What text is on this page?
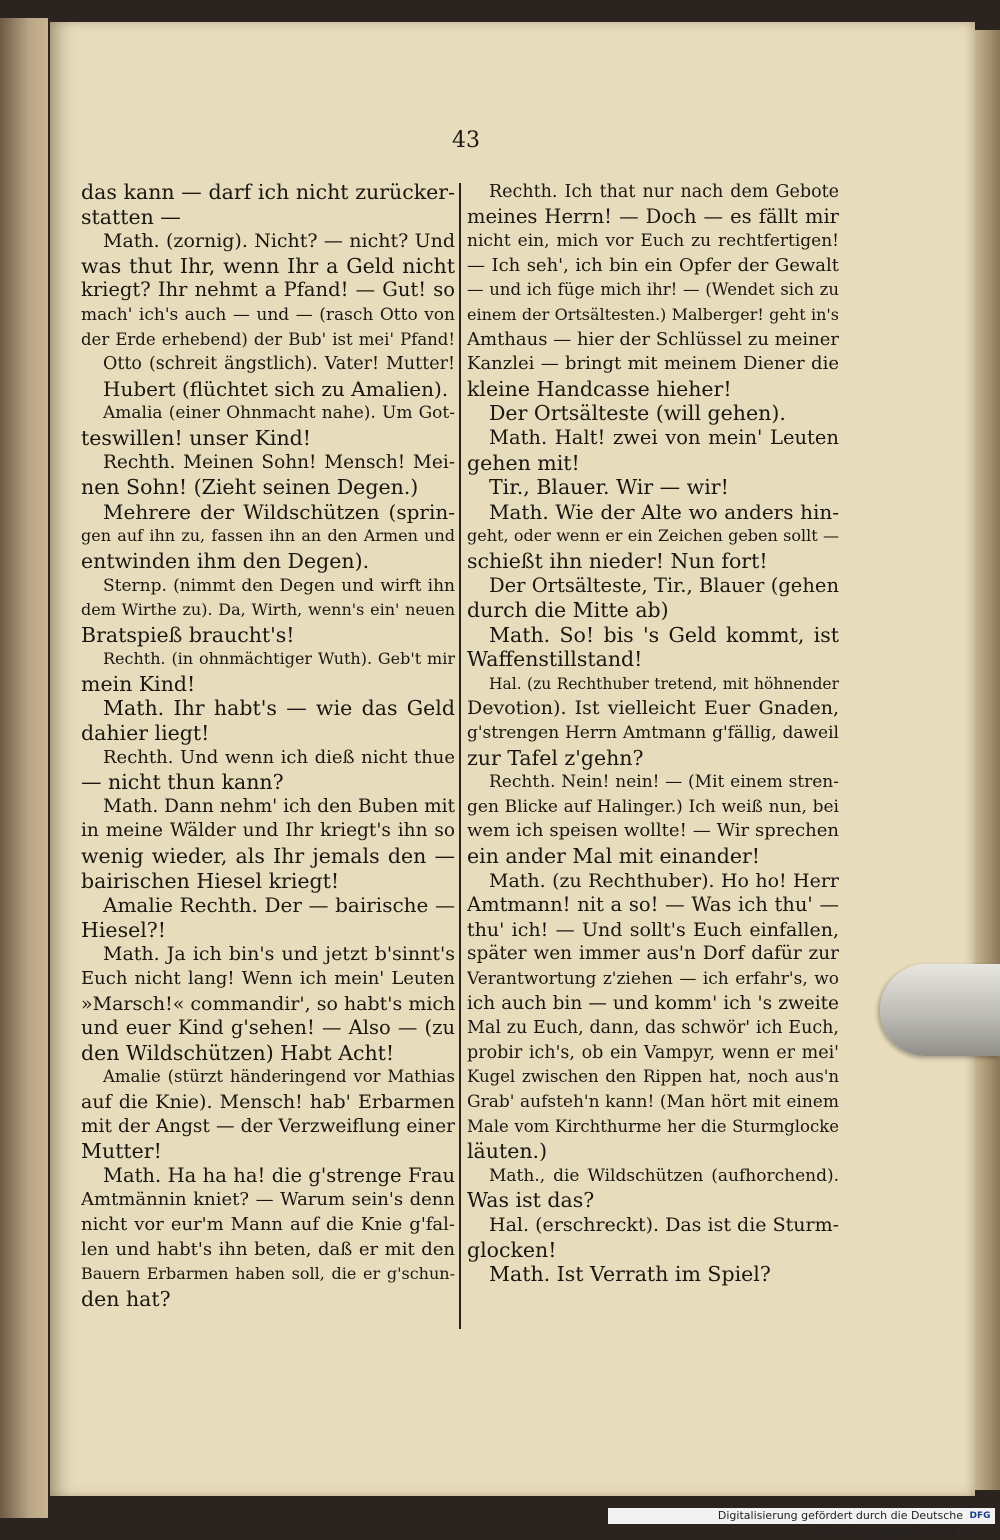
43
das kann — darf ich nicht zurücker-
statten —
Math. (zornig). Nicht? — nicht? Und
was thut Ihr, wenn Ihr a Geld nicht
kriegt? Ihr nehmt a Pfand! — Gut! so
mach' ich's auch — und — (rasch Otto von
der Erde erhebend) der Bub' ist mei' Pfand!
Otto (schreit ängstlich). Vater! Mutter!
Hubert (flüchtet sich zu Amalien).
Amalia (einer Ohnmacht nahe). Um Got-
teswillen! unser Kind!
Rechth. Meinen Sohn! Mensch! Mei-
nen Sohn! (Zieht seinen Degen.)
Mehrere der Wildschützen (sprin-
gen auf ihn zu, fassen ihn an den Armen und
entwinden ihm den Degen).
Sternp. (nimmt den Degen und wirft ihn
dem Wirthe zu). Da, Wirth, wenn's ein' neuen
Bratspieß braucht's!
Rechth. (in ohnmächtiger Wuth). Geb't mir
mein Kind!
Math. Ihr habt's — wie das Geld
dahier liegt!
Rechth. Und wenn ich dieß nicht thue
— nicht thun kann?
Math. Dann nehm' ich den Buben mit
in meine Wälder und Ihr kriegt's ihn so
wenig wieder, als Ihr jemals den —
bairischen Hiesel kriegt!
Amalie Rechth. Der — bairische —
Hiesel?!
Math. Ja ich bin's und jetzt b'sinnt's
Euch nicht lang! Wenn ich mein' Leuten
»Marsch!« commandir', so habt's mich
und euer Kind g'sehen! — Also — (zu
den Wildschützen) Habt Acht!
Amalie (stürzt händeringend vor Mathias
auf die Knie). Mensch! hab' Erbarmen
mit der Angst — der Verzweiflung einer
Mutter!
Math. Ha ha ha! die g'strenge Frau
Amtmännin kniet? — Warum sein's denn
nicht vor eur'm Mann auf die Knie g'fal-
len und habt's ihn beten, daß er mit den
Bauern Erbarmen haben soll, die er g'schun-
den hat?
Rechth. Ich that nur nach dem Gebote
meines Herrn! — Doch — es fällt mir
nicht ein, mich vor Euch zu rechtfertigen!
— Ich seh', ich bin ein Opfer der Gewalt
— und ich füge mich ihr! — (Wendet sich zu
einem der Ortsältesten.) Malberger! geht in's
Amthaus — hier der Schlüssel zu meiner
Kanzlei — bringt mit meinem Diener die
kleine Handcasse hieher!
Der Ortsälteste (will gehen).
Math. Halt! zwei von mein' Leuten
gehen mit!
Tir., Blauer. Wir — wir!
Math. Wie der Alte wo anders hin-
geht, oder wenn er ein Zeichen geben sollt —
schießt ihn nieder! Nun fort!
Der Ortsälteste, Tir., Blauer (gehen
durch die Mitte ab)
Math. So! bis 's Geld kommt, ist
Waffenstillstand!
Hal. (zu Rechthuber tretend, mit höhnender
Devotion). Ist vielleicht Euer Gnaden,
g'strengen Herrn Amtmann g'fällig, daweil
zur Tafel z'gehn?
Rechth. Nein! nein! — (Mit einem stren-
gen Blicke auf Halinger.) Ich weiß nun, bei
wem ich speisen wollte! — Wir sprechen
ein ander Mal mit einander!
Math. (zu Rechthuber). Ho ho! Herr
Amtmann! nit a so! — Was ich thu' —
thu' ich! — Und sollt's Euch einfallen,
später wen immer aus'n Dorf dafür zur
Verantwortung z'ziehen — ich erfahr's, wo
ich auch bin — und komm' ich 's zweite
Mal zu Euch, dann, das schwör' ich Euch,
probir ich's, ob ein Vampyr, wenn er mei'
Kugel zwischen den Rippen hat, noch aus'n
Grab' aufsteh'n kann! (Man hört mit einem
Male vom Kirchthurme her die Sturmglocke
läuten.)
Math., die Wildschützen (aufhorchend).
Was ist das?
Hal. (erschreckt). Das ist die Sturm-
glocken!
Math. Ist Verrath im Spiel?
Digitalisierung gefördert durch die Deutsche Forschungsgemeinschaft ·
DFG
